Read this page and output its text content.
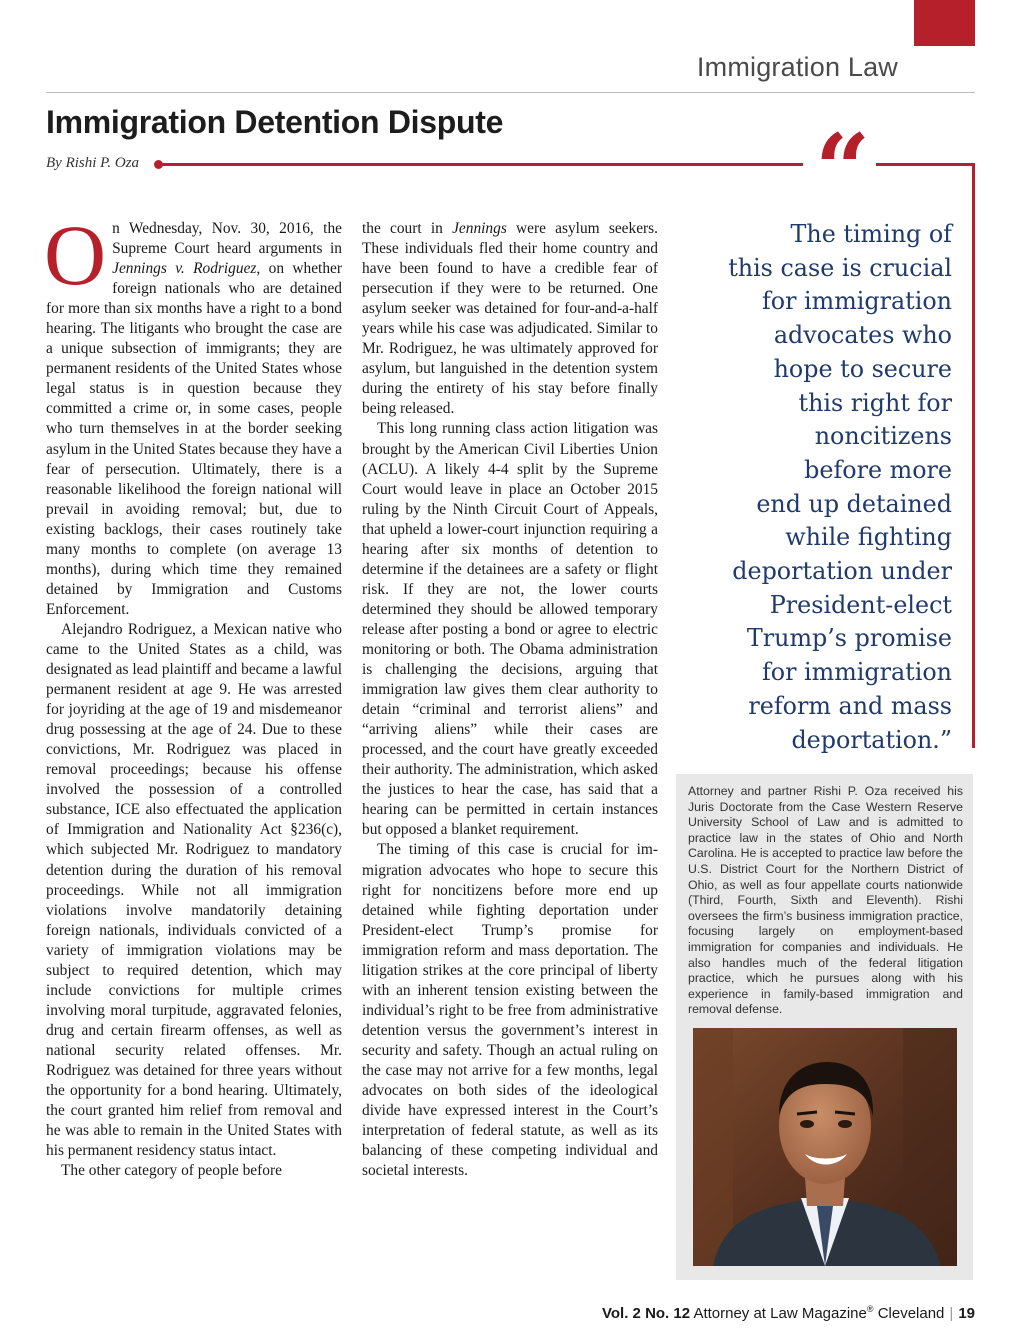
Immigration Law
Immigration Detention Dispute
By Rishi P. Oza	“

On Wednesday, Nov. 30, 2016, the Supreme Court heard arguments in Jennings v. Rodriguez, on whether foreign nationals who are detained for more than six months have a right to a bond hearing. The litigants who brought the case are a unique subsection of immigrants; they are permanent residents of the United States whose legal status is in question because they committed a crime or, in some cases, people who turn themselves in at the border seeking asylum in the United States because they have a fear of persecution. Ultimately, there is a reasonable likelihood the foreign national will prevail in avoiding removal; but, due to existing backlogs, their cases routinely take many months to complete (on average 13 months), during which time they remained detained by Immigration and Customs Enforcement.

Alejandro Rodriguez, a Mexican native who came to the United States as a child, was designated as lead plaintiff and became a lawful permanent resident at age 9. He was arrested for joyriding at the age of 19 and misdemeanor drug possessing at the age of 24. Due to these convictions, Mr. Rodriguez was placed in removal proceedings; because his offense involved the possession of a controlled substance, ICE also effectuated the application of Immigration and Nationality Act §236(c), which subjected Mr. Rodriguez to mandatory detention during the duration of his removal proceedings. While not all immigration violations involve mandatorily detaining foreign nationals, individuals convicted of a variety of immigration violations may be subject to required detention, which may include convictions for multiple crimes involving moral turpitude, aggravated felonies, drug and certain firearm offenses, as well as national security related offenses. Mr. Rodriguez was detained for three years without the opportunity for a bond hearing. Ultimately, the court granted him relief from removal and he was able to remain in the United States with his permanent residency status intact.

The other category of people before

the court in Jennings were asylum seekers. These individuals fled their home country and have been found to have a credible fear of persecution if they were to be returned. One asylum seeker was detained for four-and-a-half years while his case was adjudicated. Similar to Mr. Rodriguez, he was ultimately approved for asylum, but languished in the detention system during the entirety of his stay before finally being released.

This long running class action litigation was brought by the American Civil Liberties Union (ACLU). A likely 4-4 split by the Supreme Court would leave in place an October 2015 ruling by the Ninth Circuit Court of Appeals, that upheld a lower-court injunction requiring a hearing after six months of detention to determine if the detainees are a safety or flight risk. If they are not, the lower courts determined they should be allowed temporary release after posting a bond or agree to electric monitoring or both. The Obama administration is challenging the decisions, arguing that immigration law gives them clear authority to detain “criminal and terrorist aliens” and “arriving aliens” while their cases are processed, and the court have greatly exceeded their authority. The administration, which asked the justices to hear the case, has said that a hearing can be permitted in certain instances but opposed a blanket requirement.

The timing of this case is crucial for immigration advocates who hope to secure this right for noncitizens before more end up detained while fighting deportation under President-elect Trump’s promise for immigration reform and mass deportation. The litigation strikes at the core principal of liberty with an inherent tension existing between the individual’s right to be free from administrative detention versus the government’s interest in security and safety. Though an actual ruling on the case may not arrive for a few months, legal advocates on both sides of the ideological divide have expressed interest in the Court’s interpretation of federal statute, as well as its balancing of these competing individual and societal interests.

The timing of
this case is crucial
for immigration
advocates who
hope to secure
this right for
noncitizens
before more
end up detained
while fighting
deportation under
President-elect
Trump’s promise
for immigration
reform and mass
deportation.”
Attorney and partner Rishi P. Oza received his Juris Doctorate from the Case Western Reserve University School of Law and is admitted to practice law in the states of Ohio and North Carolina. He is accepted to practice law before the U.S. District Court for the Northern District of Ohio, as well as four appellate courts nationwide (Third, Fourth, Sixth and Eleventh). Rishi oversees the firm’s business immigration practice, focusing largely on employment-based immigration for companies and individuals. He also handles much of the federal litigation practice, which he pursues along with his experience in family-based immigration and removal defense.
Vol. 2 No. 12 Attorney at Law Magazine® Cleveland | 19
